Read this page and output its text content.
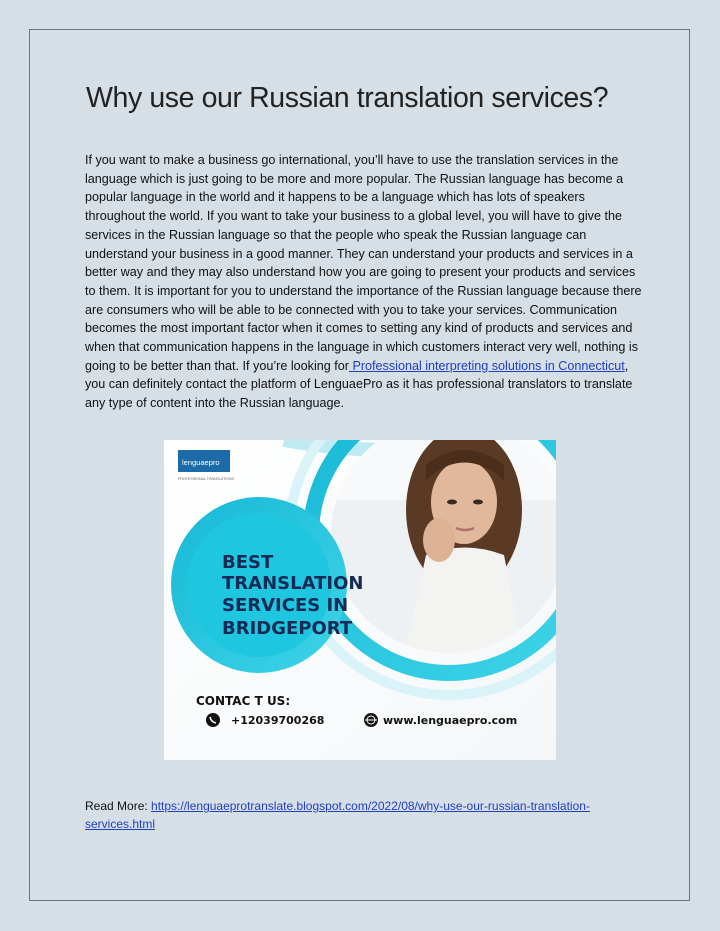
Why use our Russian translation services?

If you want to make a business go international, you’ll have to use the translation services in the language which is just going to be more and more popular. The Russian language has become a popular language in the world and it happens to be a language which has lots of speakers throughout the world. If you want to take your business to a global level, you will have to give the services in the Russian language so that the people who speak the Russian language can understand your business in a good manner. They can understand your products and services in a better way and they may also understand how you are going to present your products and services to them. It is important for you to understand the importance of the Russian language because there are consumers who will be able to be connected with you to take your services. Communication becomes the most important factor when it comes to setting any kind of products and services and when that communication happens in the language in which customers interact very well, nothing is going to be better than that. If you’re looking for Professional interpreting solutions in Connecticut, you can definitely contact the platform of LenguaePro as it has professional translators to translate any type of content into the Russian language.

lenguaepro
PROFESSIONAL TRANSLATIONS
BEST
TRANSLATION
SERVICES IN
BRIDGEPORT
CONTAC T US:
+12039700268	www.lenguaepro.com
Read More: https://lenguaeprotranslate.blogspot.com/2022/08/why-use-our-russian-translation-services.html
